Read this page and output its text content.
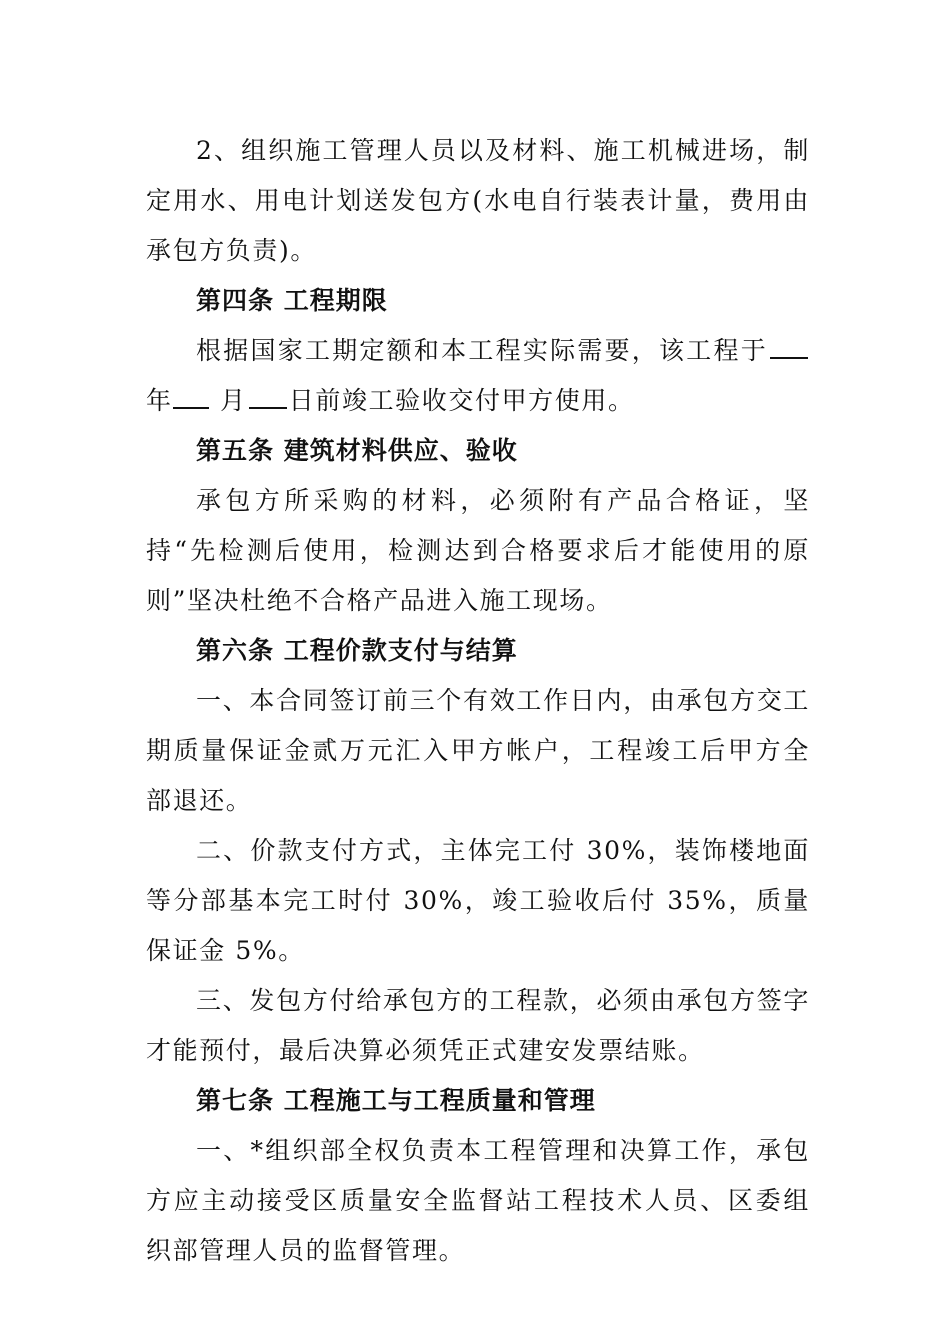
2、组织施工管理人员以及材料、施工机械进场，制定用水、用电计划送发包方(水电自行装表计量，费用由承包方负责)。

第四条 工程期限

根据国家工期定额和本工程实际需要，该工程于年 月 日前竣工验收交付甲方使用。

第五条 建筑材料供应、验收

承包方所采购的材料，必须附有产品合格证，坚持“先检测后使用，检测达到合格要求后才能使用的原则”坚决杜绝不合格产品进入施工现场。

第六条 工程价款支付与结算

一、本合同签订前三个有效工作日内，由承包方交工期质量保证金贰万元汇入甲方帐户，工程竣工后甲方全部退还。

二、价款支付方式，主体完工付 30%，装饰楼地面等分部基本完工时付 30%，竣工验收后付 35%，质量保证金 5%。

三、发包方付给承包方的工程款，必须由承包方签字才能预付，最后决算必须凭正式建安发票结账。

第七条 工程施工与工程质量和管理

一、*组织部全权负责本工程管理和决算工作，承包方应主动接受区质量安全监督站工程技术人员、区委组织部管理人员的监督管理。
